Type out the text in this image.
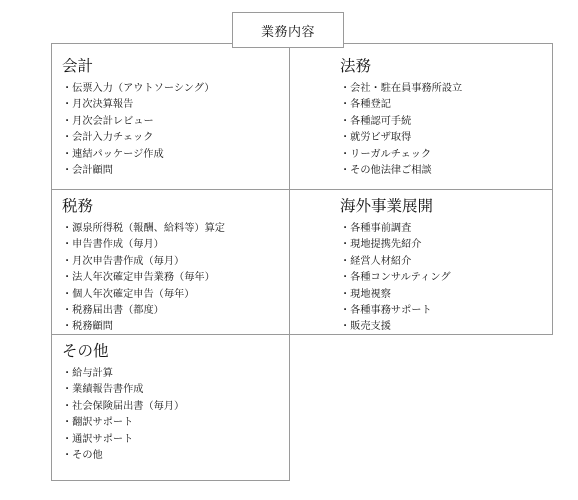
業務内容
会計
・伝票入力（アウトソーシング）
・月次決算報告
・月次会計レビュー
・会計入力チェック
・連結パッケージ作成
・会計顧問
法務
・会社・駐在員事務所設立
・各種登記
・各種認可手続
・就労ビザ取得
・リーガルチェック
・その他法律ご相談
税務
・源泉所得税（報酬、給料等）算定
・申告書作成（毎月）
・月次申告書作成（毎月）
・法人年次確定申告業務（毎年）
・個人年次確定申告（毎年）
・税務届出書（都度）
・税務顧問
海外事業展開
・各種事前調査
・現地提携先紹介
・経営人材紹介
・各種コンサルティング
・現地視察
・各種事務サポート
・販売支援
その他
・給与計算
・業績報告書作成
・社会保険届出書（毎月）
・翻訳サポート
・通訳サポート
・その他
